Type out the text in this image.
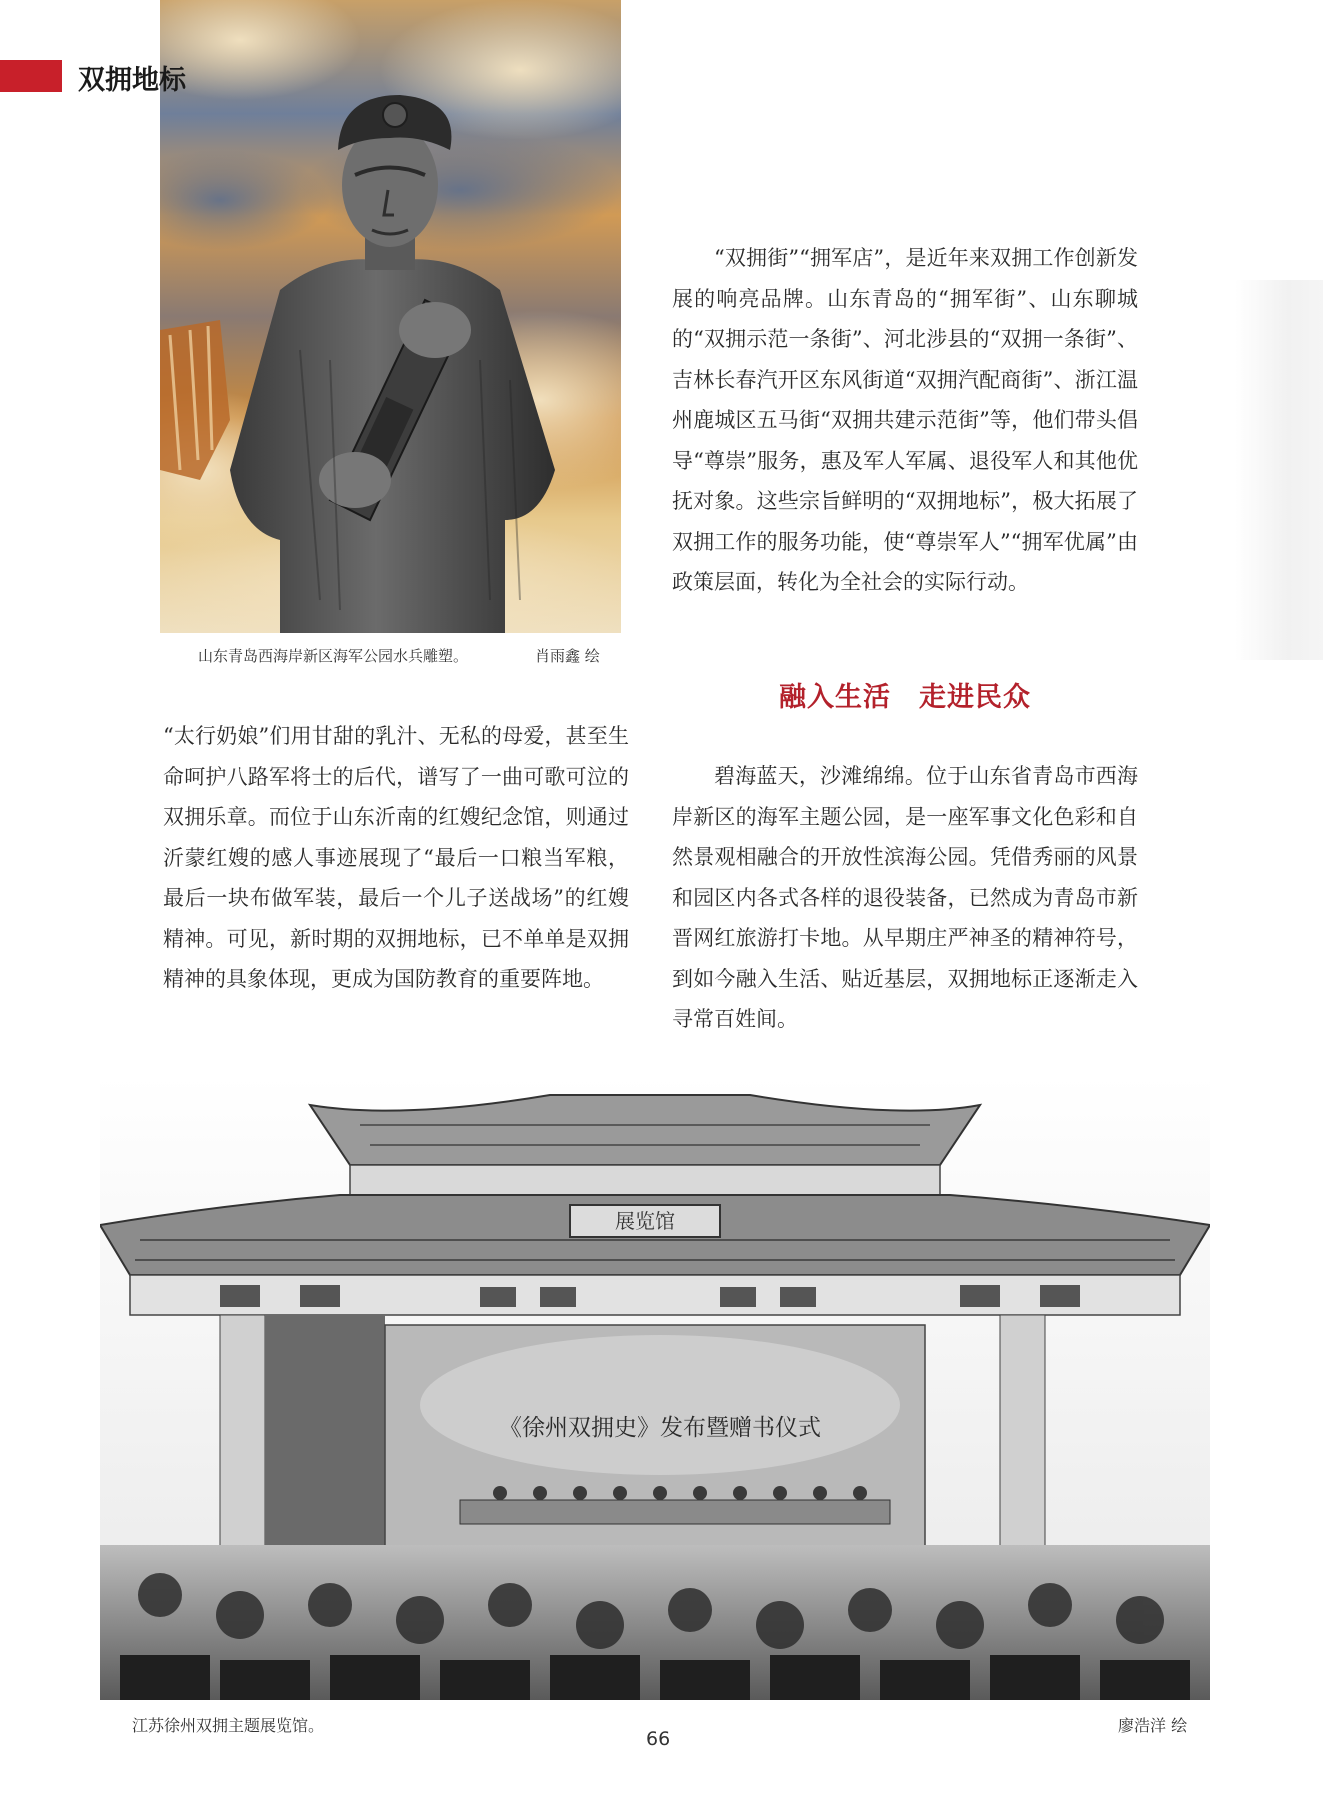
双拥地标
山东青岛西海岸新区海军公园水兵雕塑。	肖雨鑫 绘

“双拥街”“拥军店”，是近年来双拥工作创新发展的响亮品牌。山东青岛的“拥军街”、山东聊城的“双拥示范一条街”、河北涉县的“双拥一条街”、吉林长春汽开区东风街道“双拥汽配商街”、浙江温州鹿城区五马街“双拥共建示范街”等，他们带头倡导“尊崇”服务，惠及军人军属、退役军人和其他优抚对象。这些宗旨鲜明的“双拥地标”，极大拓展了双拥工作的服务功能，使“尊崇军人”“拥军优属”由政策层面，转化为全社会的实际行动。

融入生活　走进民众

“太行奶娘”们用甘甜的乳汁、无私的母爱，甚至生命呵护八路军将士的后代，谱写了一曲可歌可泣的双拥乐章。而位于山东沂南的红嫂纪念馆，则通过沂蒙红嫂的感人事迹展现了“最后一口粮当军粮，最后一块布做军装，最后一个儿子送战场”的红嫂精神。可见，新时期的双拥地标，已不单单是双拥精神的具象体现，更成为国防教育的重要阵地。

碧海蓝天，沙滩绵绵。位于山东省青岛市西海岸新区的海军主题公园，是一座军事文化色彩和自然景观相融合的开放性滨海公园。凭借秀丽的风景和园区内各式各样的退役装备，已然成为青岛市新晋网红旅游打卡地。从早期庄严神圣的精神符号，到如今融入生活、贴近基层，双拥地标正逐渐走入寻常百姓间。

展览馆
《徐州双拥史》发布暨赠书仪式
江苏徐州双拥主题展览馆。	廖浩洋 绘
66
